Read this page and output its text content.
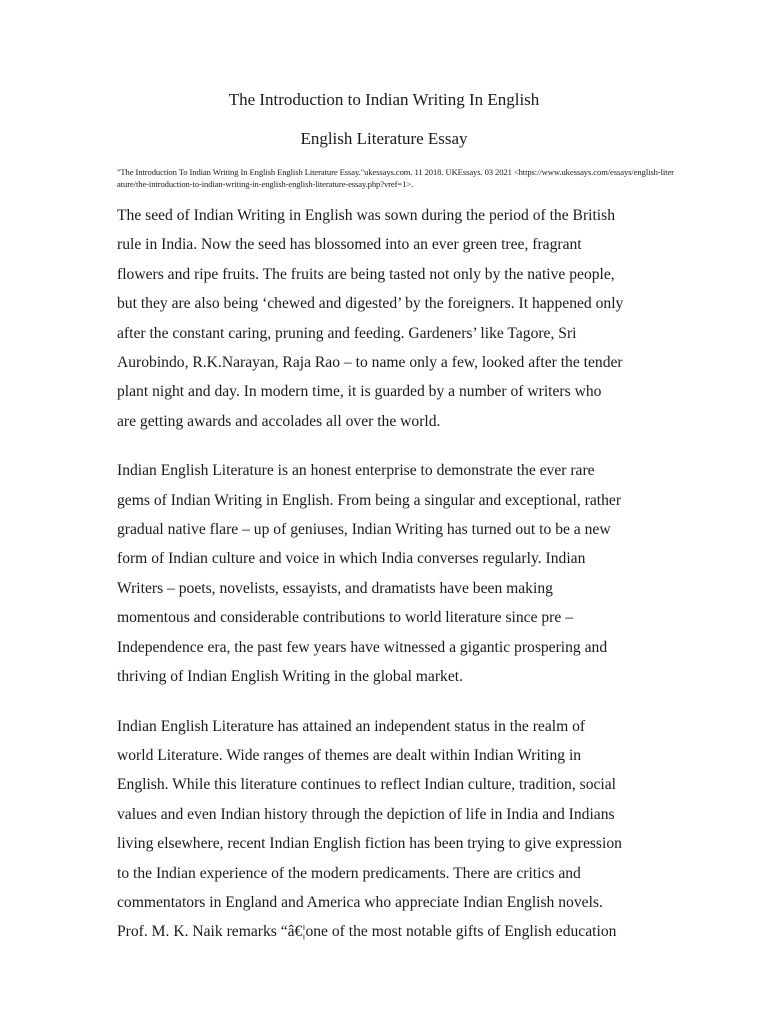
The Introduction to Indian Writing In English
English Literature Essay

"The Introduction To Indian Writing In English English Literature Essay."ukessays.com. 11 2018. UKEssays. 03 2021 <https://www.ukessays.com/essays/english-literature/the-introduction-to-indian-writing-in-english-english-literature-essay.php?vref=1>.

The seed of Indian Writing in English was sown during the period of the British
rule in India. Now the seed has blossomed into an ever green tree, fragrant
flowers and ripe fruits. The fruits are being tasted not only by the native people,
but they are also being ‘chewed and digested’ by the foreigners. It happened only
after the constant caring, pruning and feeding. Gardeners’ like Tagore, Sri
Aurobindo, R.K.Narayan, Raja Rao – to name only a few, looked after the tender
plant night and day. In modern time, it is guarded by a number of writers who
are getting awards and accolades all over the world.

Indian English Literature is an honest enterprise to demonstrate the ever rare
gems of Indian Writing in English. From being a singular and exceptional, rather
gradual native flare – up of geniuses, Indian Writing has turned out to be a new
form of Indian culture and voice in which India converses regularly. Indian
Writers – poets, novelists, essayists, and dramatists have been making
momentous and considerable contributions to world literature since pre –
Independence era, the past few years have witnessed a gigantic prospering and
thriving of Indian English Writing in the global market.

Indian English Literature has attained an independent status in the realm of
world Literature. Wide ranges of themes are dealt within Indian Writing in
English. While this literature continues to reflect Indian culture, tradition, social
values and even Indian history through the depiction of life in India and Indians
living elsewhere, recent Indian English fiction has been trying to give expression
to the Indian experience of the modern predicaments. There are critics and
commentators in England and America who appreciate Indian English novels.
Prof. M. K. Naik remarks “â€¦one of the most notable gifts of English education
